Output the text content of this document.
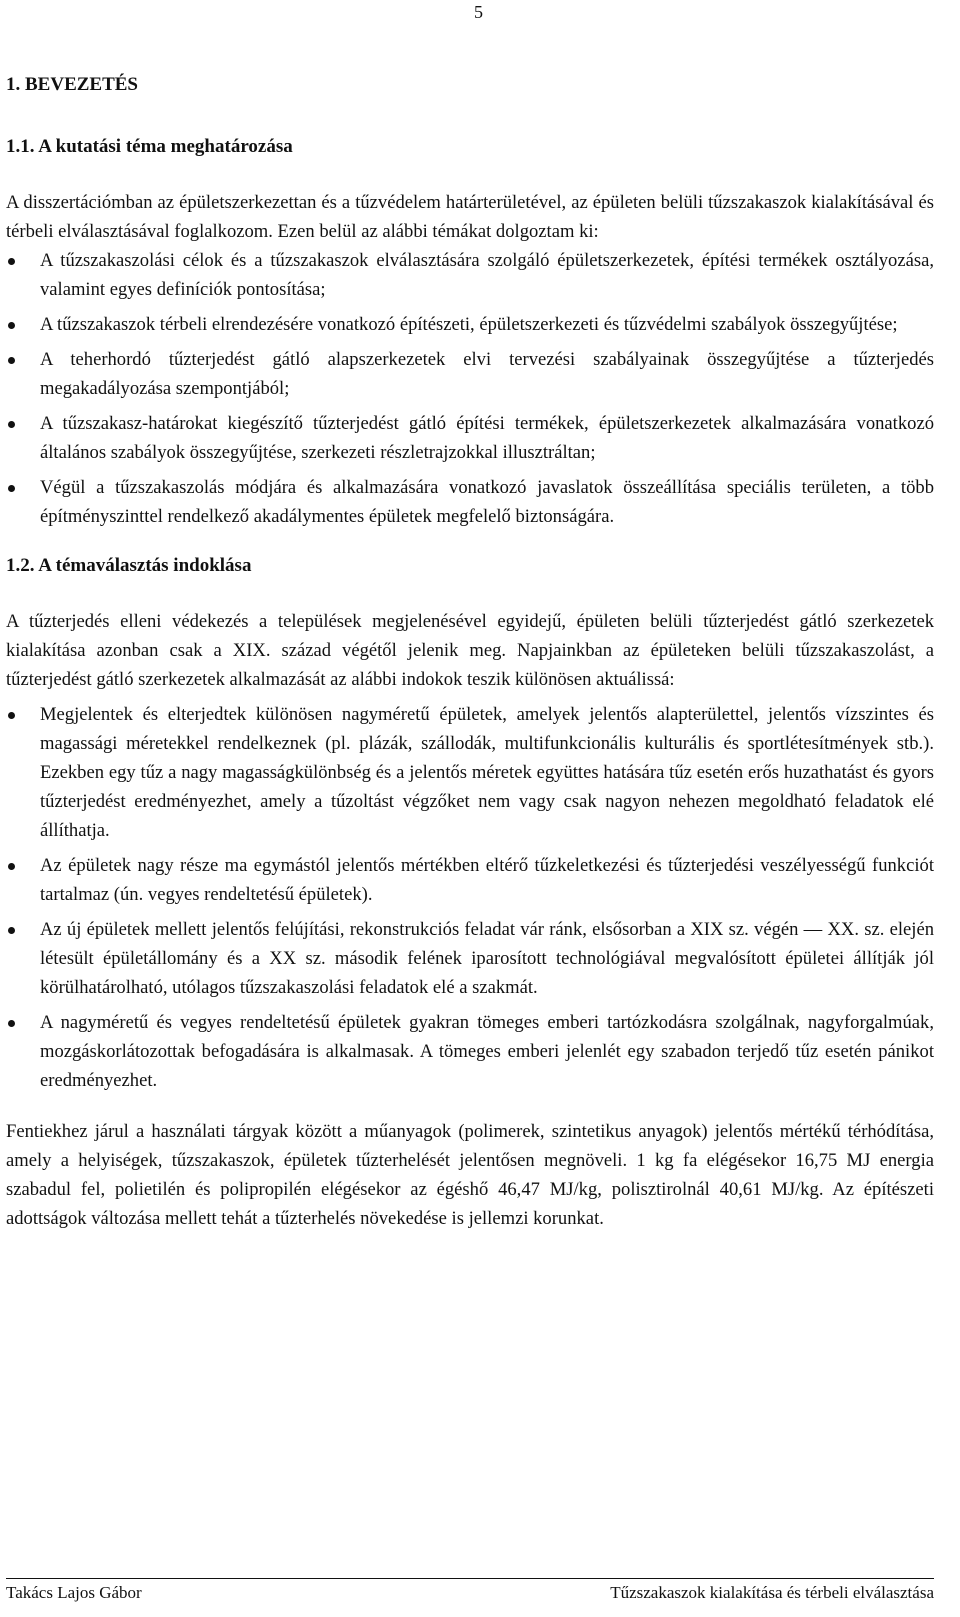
5
1. BEVEZETÉS
1.1. A kutatási téma meghatározása

A disszertációmban az épületszerkezettan és a tűzvédelem határterületével, az épületen belüli tűzszakaszok kialakításával és térbeli elválasztásával foglalkozom. Ezen belül az alábbi témákat dolgoztam ki:

A tűzszakaszolási célok és a tűzszakaszok elválasztására szolgáló épületszerkezetek, építési termékek osztályozása, valamint egyes definíciók pontosítása;
A tűzszakaszok térbeli elrendezésére vonatkozó építészeti, épületszerkezeti és tűzvédelmi szabályok összegyűjtése;
A teherhordó tűzterjedést gátló alapszerkezetek elvi tervezési szabályainak összegyűjtése a tűzterjedés megakadályozása szempontjából;
A tűzszakasz-határokat kiegészítő tűzterjedést gátló építési termékek, épületszerkezetek alkalmazására vonatkozó általános szabályok összegyűjtése, szerkezeti részletrajzokkal illusztráltan;
Végül a tűzszakaszolás módjára és alkalmazására vonatkozó javaslatok összeállítása speciális területen, a több építményszinttel rendelkező akadálymentes épületek megfelelő biztonságára.
1.2. A témaválasztás indoklása

A tűzterjedés elleni védekezés a települések megjelenésével egyidejű, épületen belüli tűzterjedést gátló szerkezetek kialakítása azonban csak a XIX. század végétől jelenik meg. Napjainkban az épületeken belüli tűzszakaszolást, a tűzterjedést gátló szerkezetek alkalmazását az alábbi indokok teszik különösen aktuálissá:

Megjelentek és elterjedtek különösen nagyméretű épületek, amelyek jelentős alapterülettel, jelentős vízszintes és magassági méretekkel rendelkeznek (pl. plázák, szállodák, multifunkcionális kulturális és sportlétesítmények stb.). Ezekben egy tűz a nagy magasságkülönbség és a jelentős méretek együttes hatására tűz esetén erős huzathatást és gyors tűzterjedést eredményezhet, amely a tűzoltást végzőket nem vagy csak nagyon nehezen megoldható feladatok elé állíthatja.
Az épületek nagy része ma egymástól jelentős mértékben eltérő tűzkeletkezési és tűzterjedési veszélyességű funkciót tartalmaz (ún. vegyes rendeltetésű épületek).
Az új épületek mellett jelentős felújítási, rekonstrukciós feladat vár ránk, elsősorban a XIX sz. végén — XX. sz. elején létesült épületállomány és a XX sz. második felének iparosított technológiával megvalósított épületei állítják jól körülhatárolható, utólagos tűzszakaszolási feladatok elé a szakmát.
A nagyméretű és vegyes rendeltetésű épületek gyakran tömeges emberi tartózkodásra szolgálnak, nagyforgalmúak, mozgáskorlátozottak befogadására is alkalmasak. A tömeges emberi jelenlét egy szabadon terjedő tűz esetén pánikot eredményezhet.

Fentiekhez járul a használati tárgyak között a műanyagok (polimerek, szintetikus anyagok) jelentős mértékű térhódítása, amely a helyiségek, tűzszakaszok, épületek tűzterhelését jelentősen megnöveli. 1 kg fa elégésekor 16,75 MJ energia szabadul fel, polietilén és polipropilén elégésekor az égéshő 46,47 MJ/kg, polisztirolnál 40,61 MJ/kg. Az építészeti adottságok változása mellett tehát a tűzterhelés növekedése is jellemzi korunkat.

Takács Lajos Gábor	Tűzszakaszok kialakítása és térbeli elválasztása
